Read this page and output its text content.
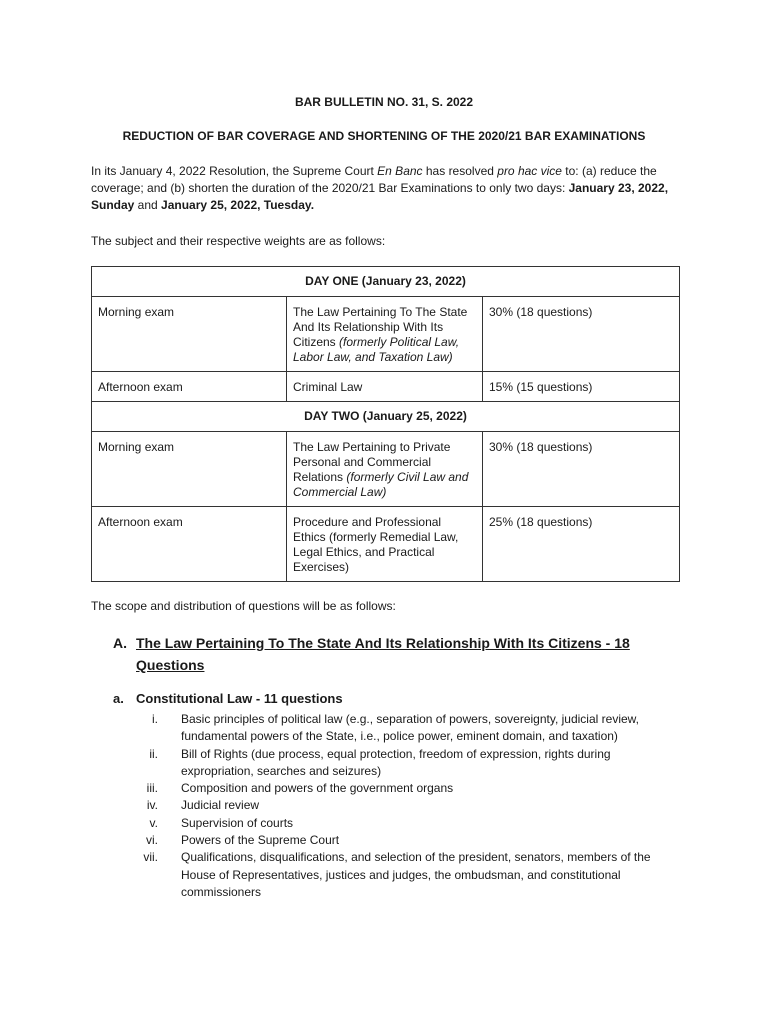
BAR BULLETIN NO. 31, S. 2022
REDUCTION OF BAR COVERAGE AND SHORTENING OF THE 2020/21 BAR EXAMINATIONS
In its January 4, 2022 Resolution, the Supreme Court En Banc has resolved pro hac vice to: (a) reduce the coverage; and (b) shorten the duration of the 2020/21 Bar Examinations to only two days: January 23, 2022, Sunday and January 25, 2022, Tuesday.
The subject and their respective weights are as follows:
DAY ONE (January 23, 2022)		
Morning exam	The Law Pertaining To The State And Its Relationship With Its Citizens (formerly Political Law, Labor Law, and Taxation Law)	30% (18 questions)
Afternoon exam	Criminal Law	15% (15 questions)
DAY TWO (January 25, 2022)		
Morning exam	The Law Pertaining to Private Personal and Commercial Relations (formerly Civil Law and Commercial Law)	30% (18 questions)
Afternoon exam	Procedure and Professional Ethics (formerly Remedial Law, Legal Ethics, and Practical Exercises)	25% (18 questions)
The scope and distribution of questions will be as follows:
A. The Law Pertaining To The State And Its Relationship With Its Citizens - 18 Questions
a. Constitutional Law - 11 questions
i. Basic principles of political law (e.g., separation of powers, sovereignty, judicial review, fundamental powers of the State, i.e., police power, eminent domain, and taxation)
ii. Bill of Rights (due process, equal protection, freedom of expression, rights during expropriation, searches and seizures)
iii. Composition and powers of the government organs
iv. Judicial review
v. Supervision of courts
vi. Powers of the Supreme Court
vii. Qualifications, disqualifications, and selection of the president, senators, members of the House of Representatives, justices and judges, the ombudsman, and constitutional commissioners
